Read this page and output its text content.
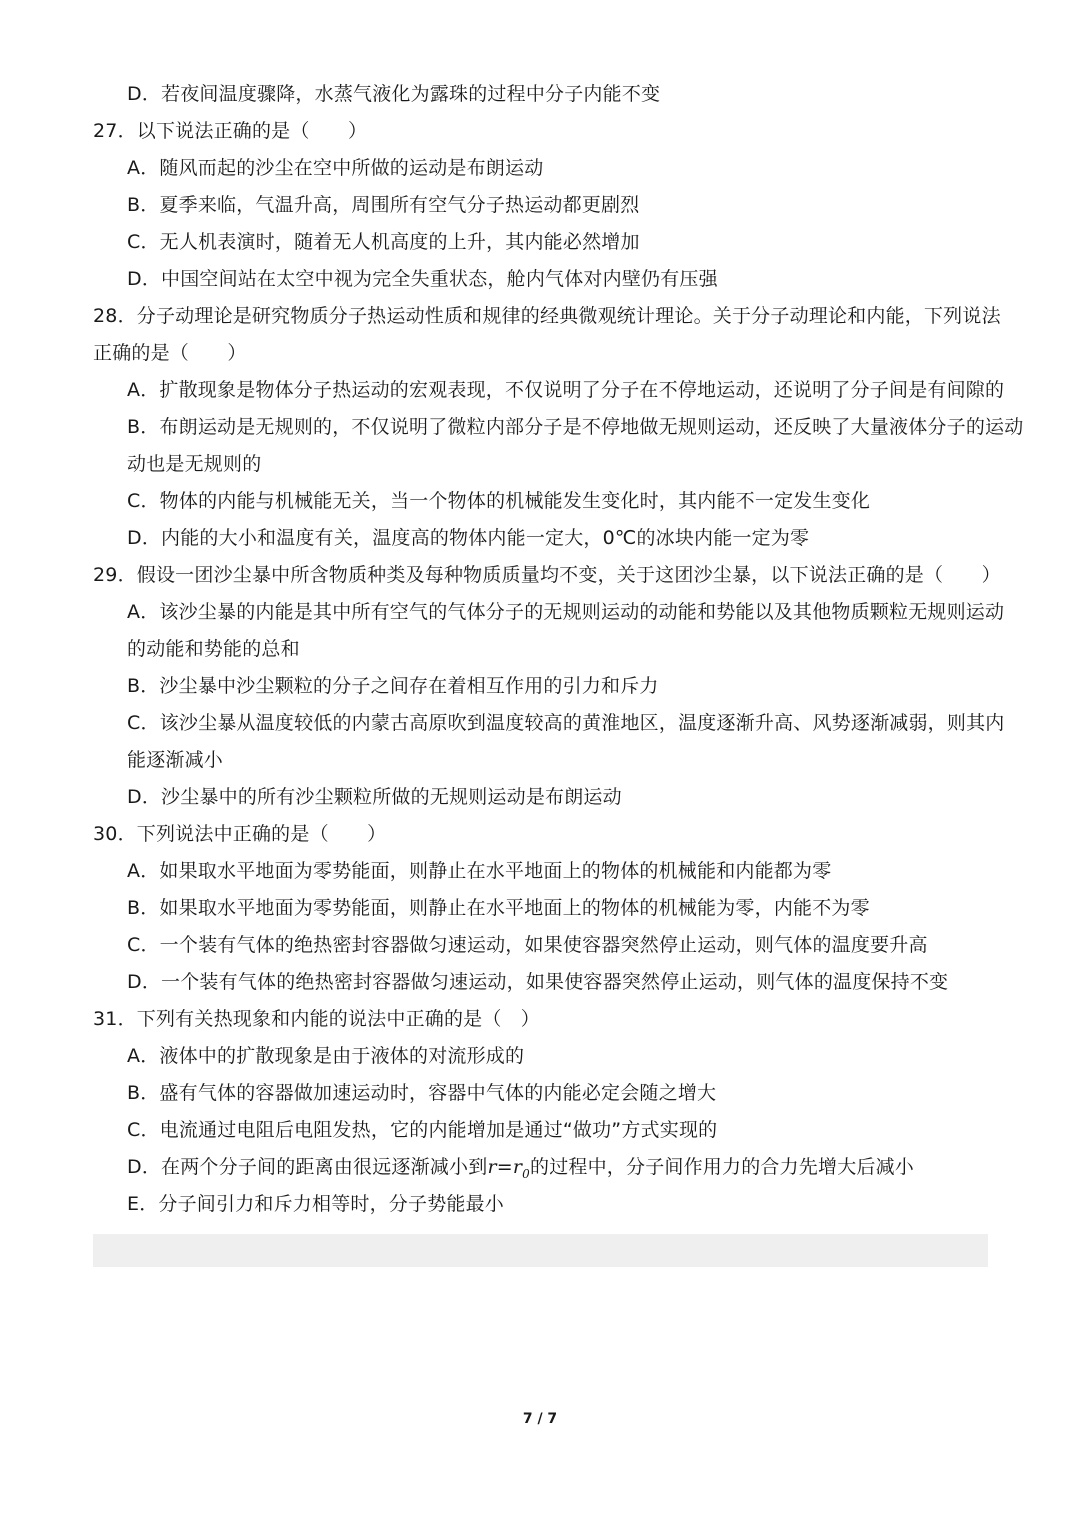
D．若夜间温度骤降，水蒸气液化为露珠的过程中分子内能不变
27．以下说法正确的是（　　）
A．随风而起的沙尘在空中所做的运动是布朗运动
B．夏季来临，气温升高，周围所有空气分子热运动都更剧烈
C．无人机表演时，随着无人机高度的上升，其内能必然增加
D．中国空间站在太空中视为完全失重状态，舱内气体对内壁仍有压强
28．分子动理论是研究物质分子热运动性质和规律的经典微观统计理论。关于分子动理论和内能，下列说法
正确的是（　　）
A．扩散现象是物体分子热运动的宏观表现，不仅说明了分子在不停地运动，还说明了分子间是有间隙的
B．布朗运动是无规则的，不仅说明了微粒内部分子是不停地做无规则运动，还反映了大量液体分子的运动
动也是无规则的
C．物体的内能与机械能无关，当一个物体的机械能发生变化时，其内能不一定发生变化
D．内能的大小和温度有关，温度高的物体内能一定大，0℃的冰块内能一定为零
29．假设一团沙尘暴中所含物质种类及每种物质质量均不变，关于这团沙尘暴，以下说法正确的是（　　）
A．该沙尘暴的内能是其中所有空气的气体分子的无规则运动的动能和势能以及其他物质颗粒无规则运动
的动能和势能的总和
B．沙尘暴中沙尘颗粒的分子之间存在着相互作用的引力和斥力
C．该沙尘暴从温度较低的内蒙古高原吹到温度较高的黄淮地区，温度逐渐升高、风势逐渐减弱，则其内
能逐渐减小
D．沙尘暴中的所有沙尘颗粒所做的无规则运动是布朗运动
30．下列说法中正确的是（　　）
A．如果取水平地面为零势能面，则静止在水平地面上的物体的机械能和内能都为零
B．如果取水平地面为零势能面，则静止在水平地面上的物体的机械能为零，内能不为零
C．一个装有气体的绝热密封容器做匀速运动，如果使容器突然停止运动，则气体的温度要升高
D．一个装有气体的绝热密封容器做匀速运动，如果使容器突然停止运动，则气体的温度保持不变
31．下列有关热现象和内能的说法中正确的是（　）
A．液体中的扩散现象是由于液体的对流形成的
B．盛有气体的容器做加速运动时，容器中气体的内能必定会随之增大
C．电流通过电阻后电阻发热，它的内能增加是通过“做功”方式实现的
D．在两个分子间的距离由很远逐渐减小到$r=r_0$的过程中，分子间作用力的合力先增大后减小
E．分子间引力和斥力相等时，分子势能最小
7 / 7
